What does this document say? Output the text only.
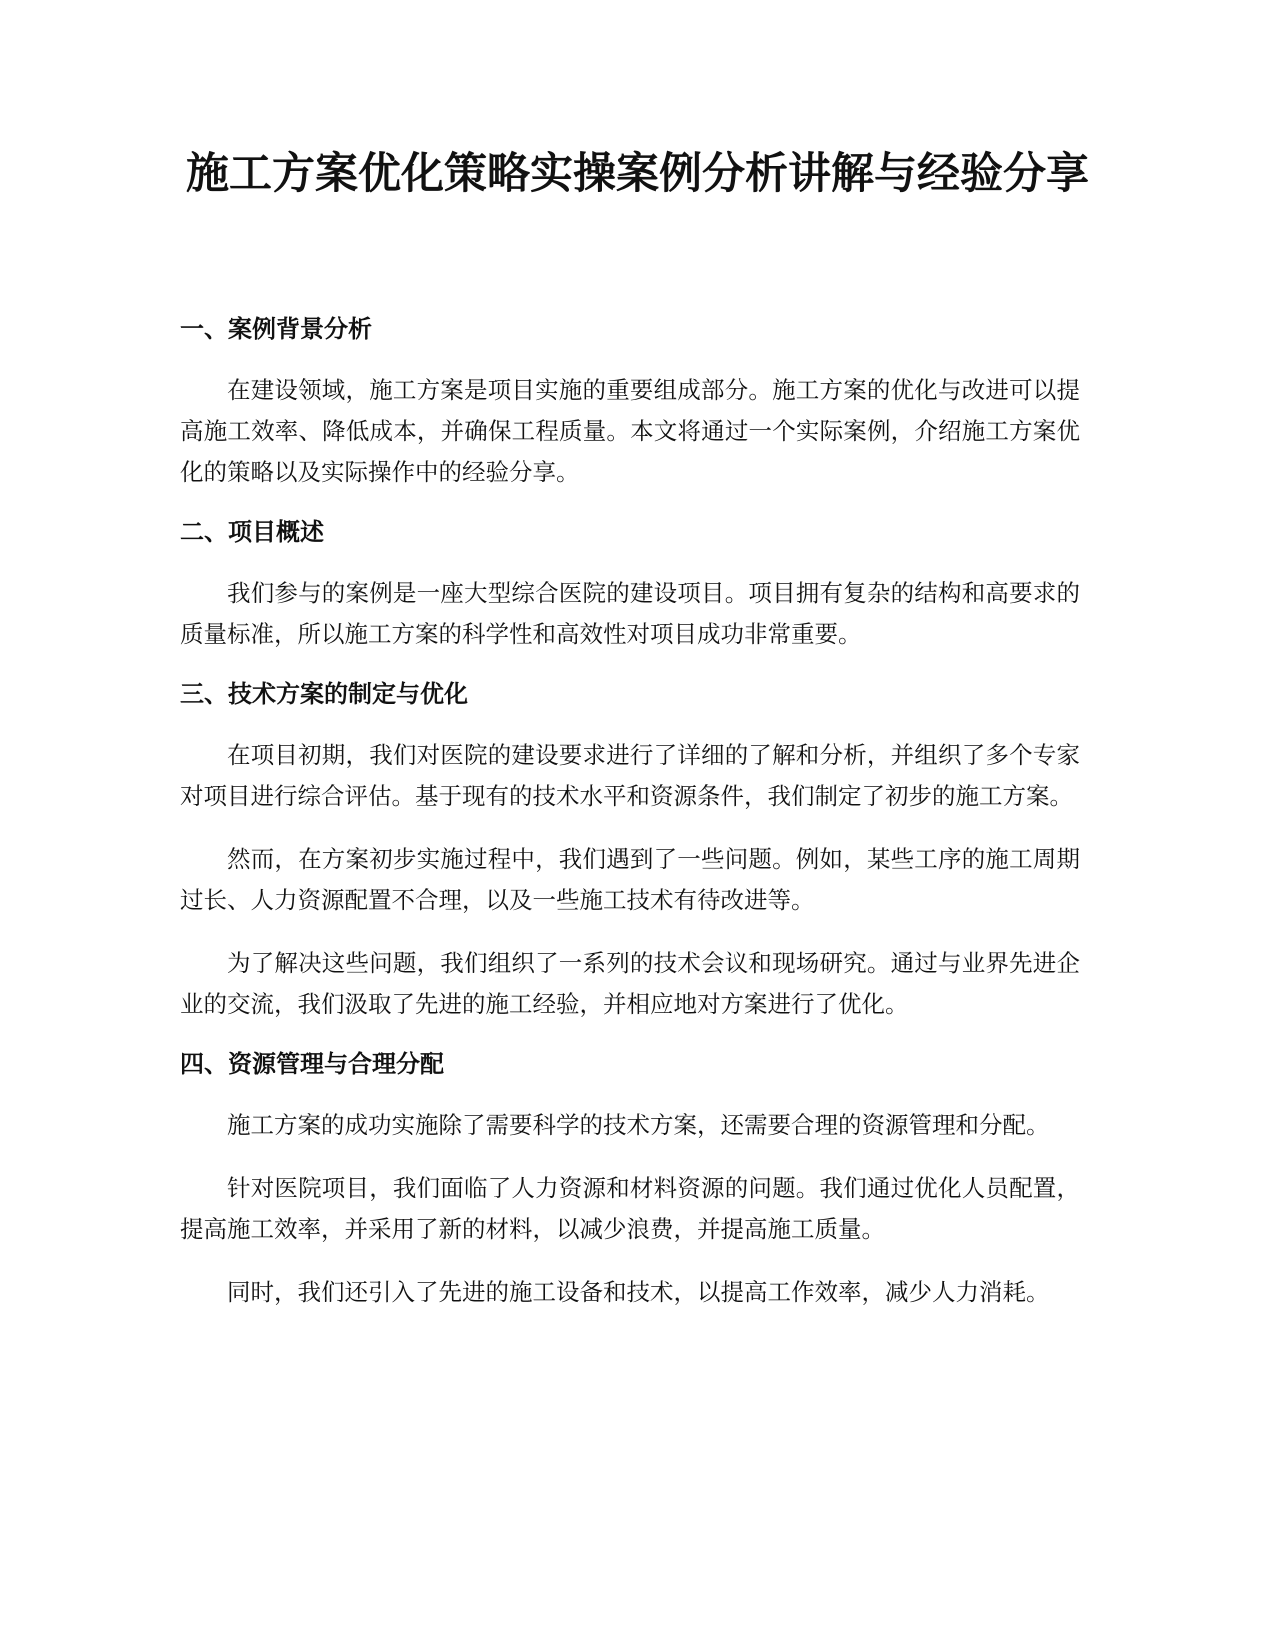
施工方案优化策略实操案例分析讲解与经验分享
一、案例背景分析

在建设领域，施工方案是项目实施的重要组成部分。施工方案的优化与改进可以提高施工效率、降低成本，并确保工程质量。本文将通过一个实际案例，介绍施工方案优化的策略以及实际操作中的经验分享。

二、项目概述

我们参与的案例是一座大型综合医院的建设项目。项目拥有复杂的结构和高要求的质量标准，所以施工方案的科学性和高效性对项目成功非常重要。

三、技术方案的制定与优化

在项目初期，我们对医院的建设要求进行了详细的了解和分析，并组织了多个专家对项目进行综合评估。基于现有的技术水平和资源条件，我们制定了初步的施工方案。

然而，在方案初步实施过程中，我们遇到了一些问题。例如，某些工序的施工周期过长、人力资源配置不合理，以及一些施工技术有待改进等。

为了解决这些问题，我们组织了一系列的技术会议和现场研究。通过与业界先进企业的交流，我们汲取了先进的施工经验，并相应地对方案进行了优化。

四、资源管理与合理分配

施工方案的成功实施除了需要科学的技术方案，还需要合理的资源管理和分配。

针对医院项目，我们面临了人力资源和材料资源的问题。我们通过优化人员配置，提高施工效率，并采用了新的材料，以减少浪费，并提高施工质量。

同时，我们还引入了先进的施工设备和技术，以提高工作效率，减少人力消耗。
